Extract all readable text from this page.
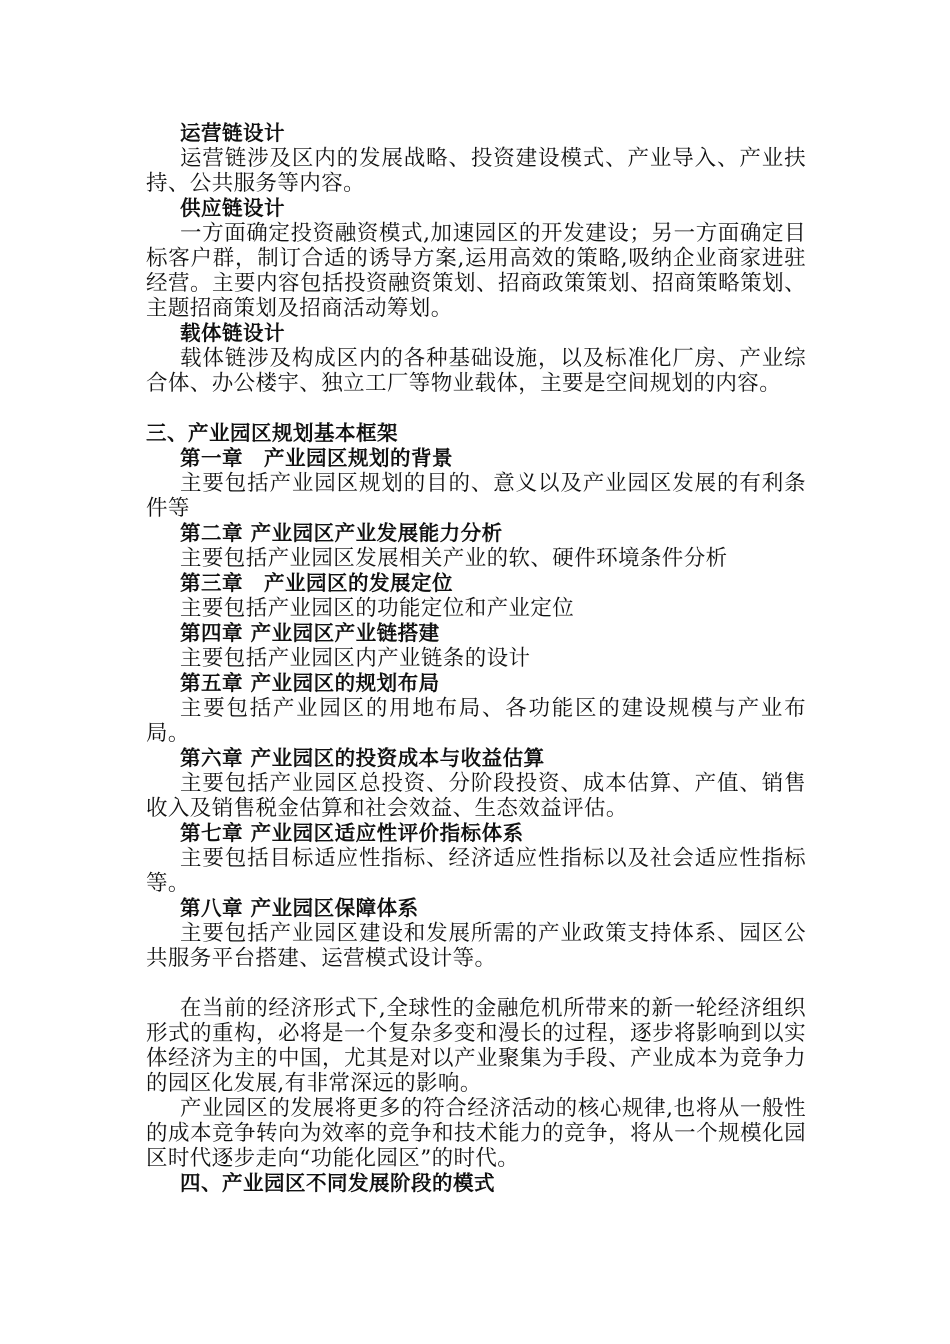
运营链设计

运营链涉及区内的发展战略、投资建设模式、产业导入、产业扶持、公共服务等内容。

供应链设计

一方面确定投资融资模式,加速园区的开发建设；另一方面确定目标客户群，制订合适的诱导方案,运用高效的策略,吸纳企业商家进驻经营。主要内容包括投资融资策划、招商政策策划、招商策略策划、主题招商策划及招商活动筹划。

载体链设计

载体链涉及构成区内的各种基础设施，以及标准化厂房、产业综合体、办公楼宇、独立工厂等物业载体，主要是空间规划的内容。

三、产业园区规划基本框架
第一章　产业园区规划的背景

主要包括产业园区规划的目的、意义以及产业园区发展的有利条件等

第二章 产业园区产业发展能力分析

主要包括产业园区发展相关产业的软、硬件环境条件分析

第三章　产业园区的发展定位

主要包括产业园区的功能定位和产业定位

第四章 产业园区产业链搭建

主要包括产业园区内产业链条的设计

第五章 产业园区的规划布局

主要包括产业园区的用地布局、各功能区的建设规模与产业布局。

第六章 产业园区的投资成本与收益估算

主要包括产业园区总投资、分阶段投资、成本估算、产值、销售收入及销售税金估算和社会效益、生态效益评估。

第七章 产业园区适应性评价指标体系

主要包括目标适应性指标、经济适应性指标以及社会适应性指标等。

第八章 产业园区保障体系

主要包括产业园区建设和发展所需的产业政策支持体系、园区公共服务平台搭建、运营模式设计等。

在当前的经济形式下,全球性的金融危机所带来的新一轮经济组织形式的重构，必将是一个复杂多变和漫长的过程，逐步将影响到以实体经济为主的中国，尤其是对以产业聚集为手段、产业成本为竞争力的园区化发展,有非常深远的影响。

产业园区的发展将更多的符合经济活动的核心规律,也将从一般性的成本竞争转向为效率的竞争和技术能力的竞争，将从一个规模化园区时代逐步走向“功能化园区”的时代。

四、产业园区不同发展阶段的模式
